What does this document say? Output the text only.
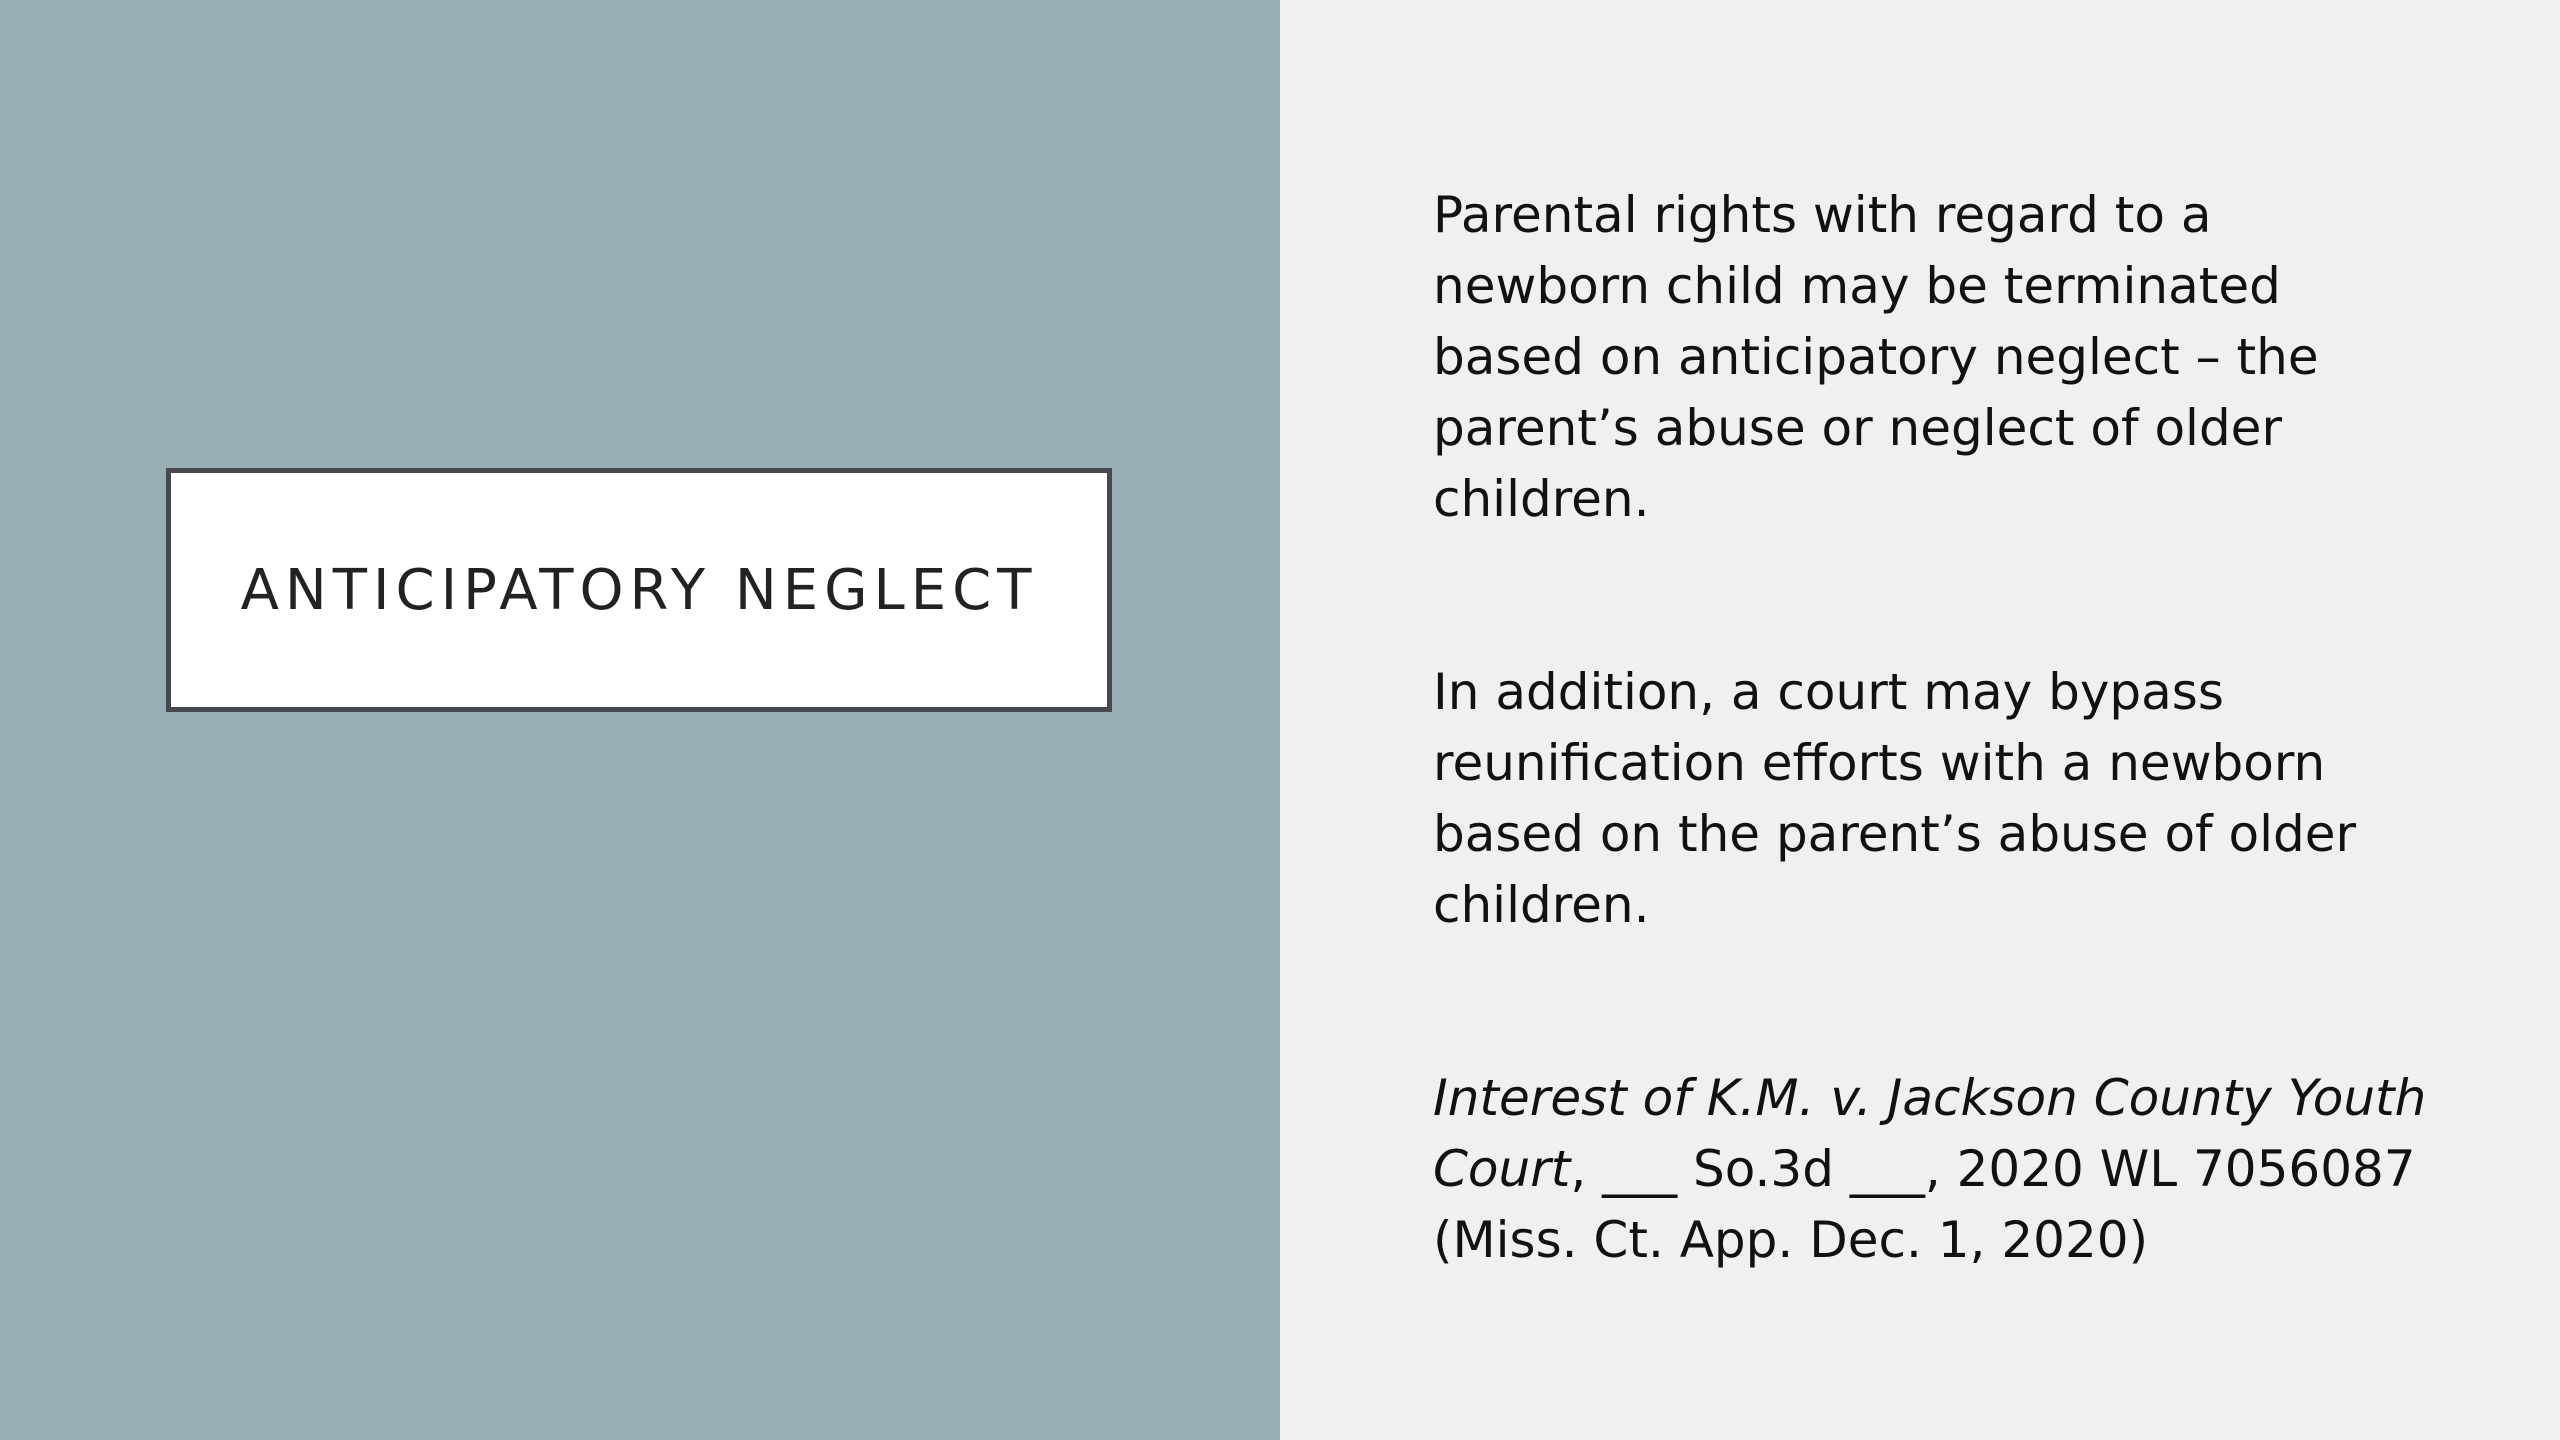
ANTICIPATORY NEGLECT

Parental rights with regard to a newborn child may be terminated based on anticipatory neglect – the parent’s abuse or neglect of older children.

In addition, a court may bypass reunification efforts with a newborn based on the parent’s abuse of older children.

Interest of K.M. v. Jackson County Youth Court, ___ So.3d ___, 2020 WL 7056087 (Miss. Ct. App. Dec. 1, 2020)
